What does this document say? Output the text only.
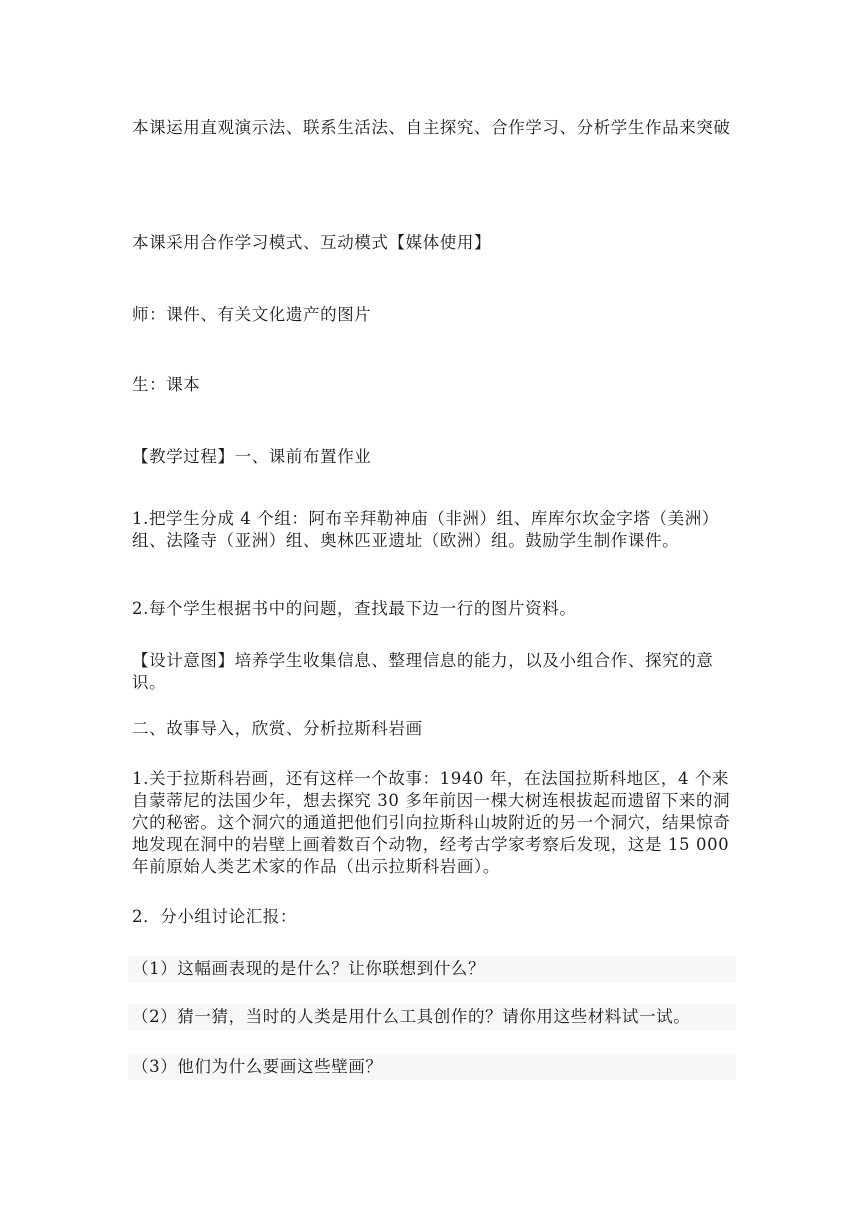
本课运用直观演示法、联系生活法、自主探究、合作学习、分析学生作品来突破

本课采用合作学习模式、互动模式【媒体使用】

师：课件、有关文化遗产的图片

生：课本

【教学过程】一、课前布置作业

1.把学生分成 4 个组：阿布辛拜勒神庙（非洲）组、库库尔坎金字塔（美洲）组、法隆寺（亚洲）组、奥林匹亚遗址（欧洲）组。鼓励学生制作课件。

2.每个学生根据书中的问题，查找最下边一行的图片资料。

【设计意图】培养学生收集信息、整理信息的能力，以及小组合作、探究的意识。

二、故事导入，欣赏、分析拉斯科岩画

1.关于拉斯科岩画，还有这样一个故事：1940 年，在法国拉斯科地区，4 个来自蒙蒂尼的法国少年，想去探究 30 多年前因一棵大树连根拔起而遗留下来的洞穴的秘密。这个洞穴的通道把他们引向拉斯科山坡附近的另一个洞穴，结果惊奇地发现在洞中的岩壁上画着数百个动物，经考古学家考察后发现，这是 15 000 年前原始人类艺术家的作品（出示拉斯科岩画）。

2．分小组讨论汇报：

（1）这幅画表现的是什么？让你联想到什么？

（2）猜一猜，当时的人类是用什么工具创作的？请你用这些材料试一试。

（3）他们为什么要画这些壁画？
